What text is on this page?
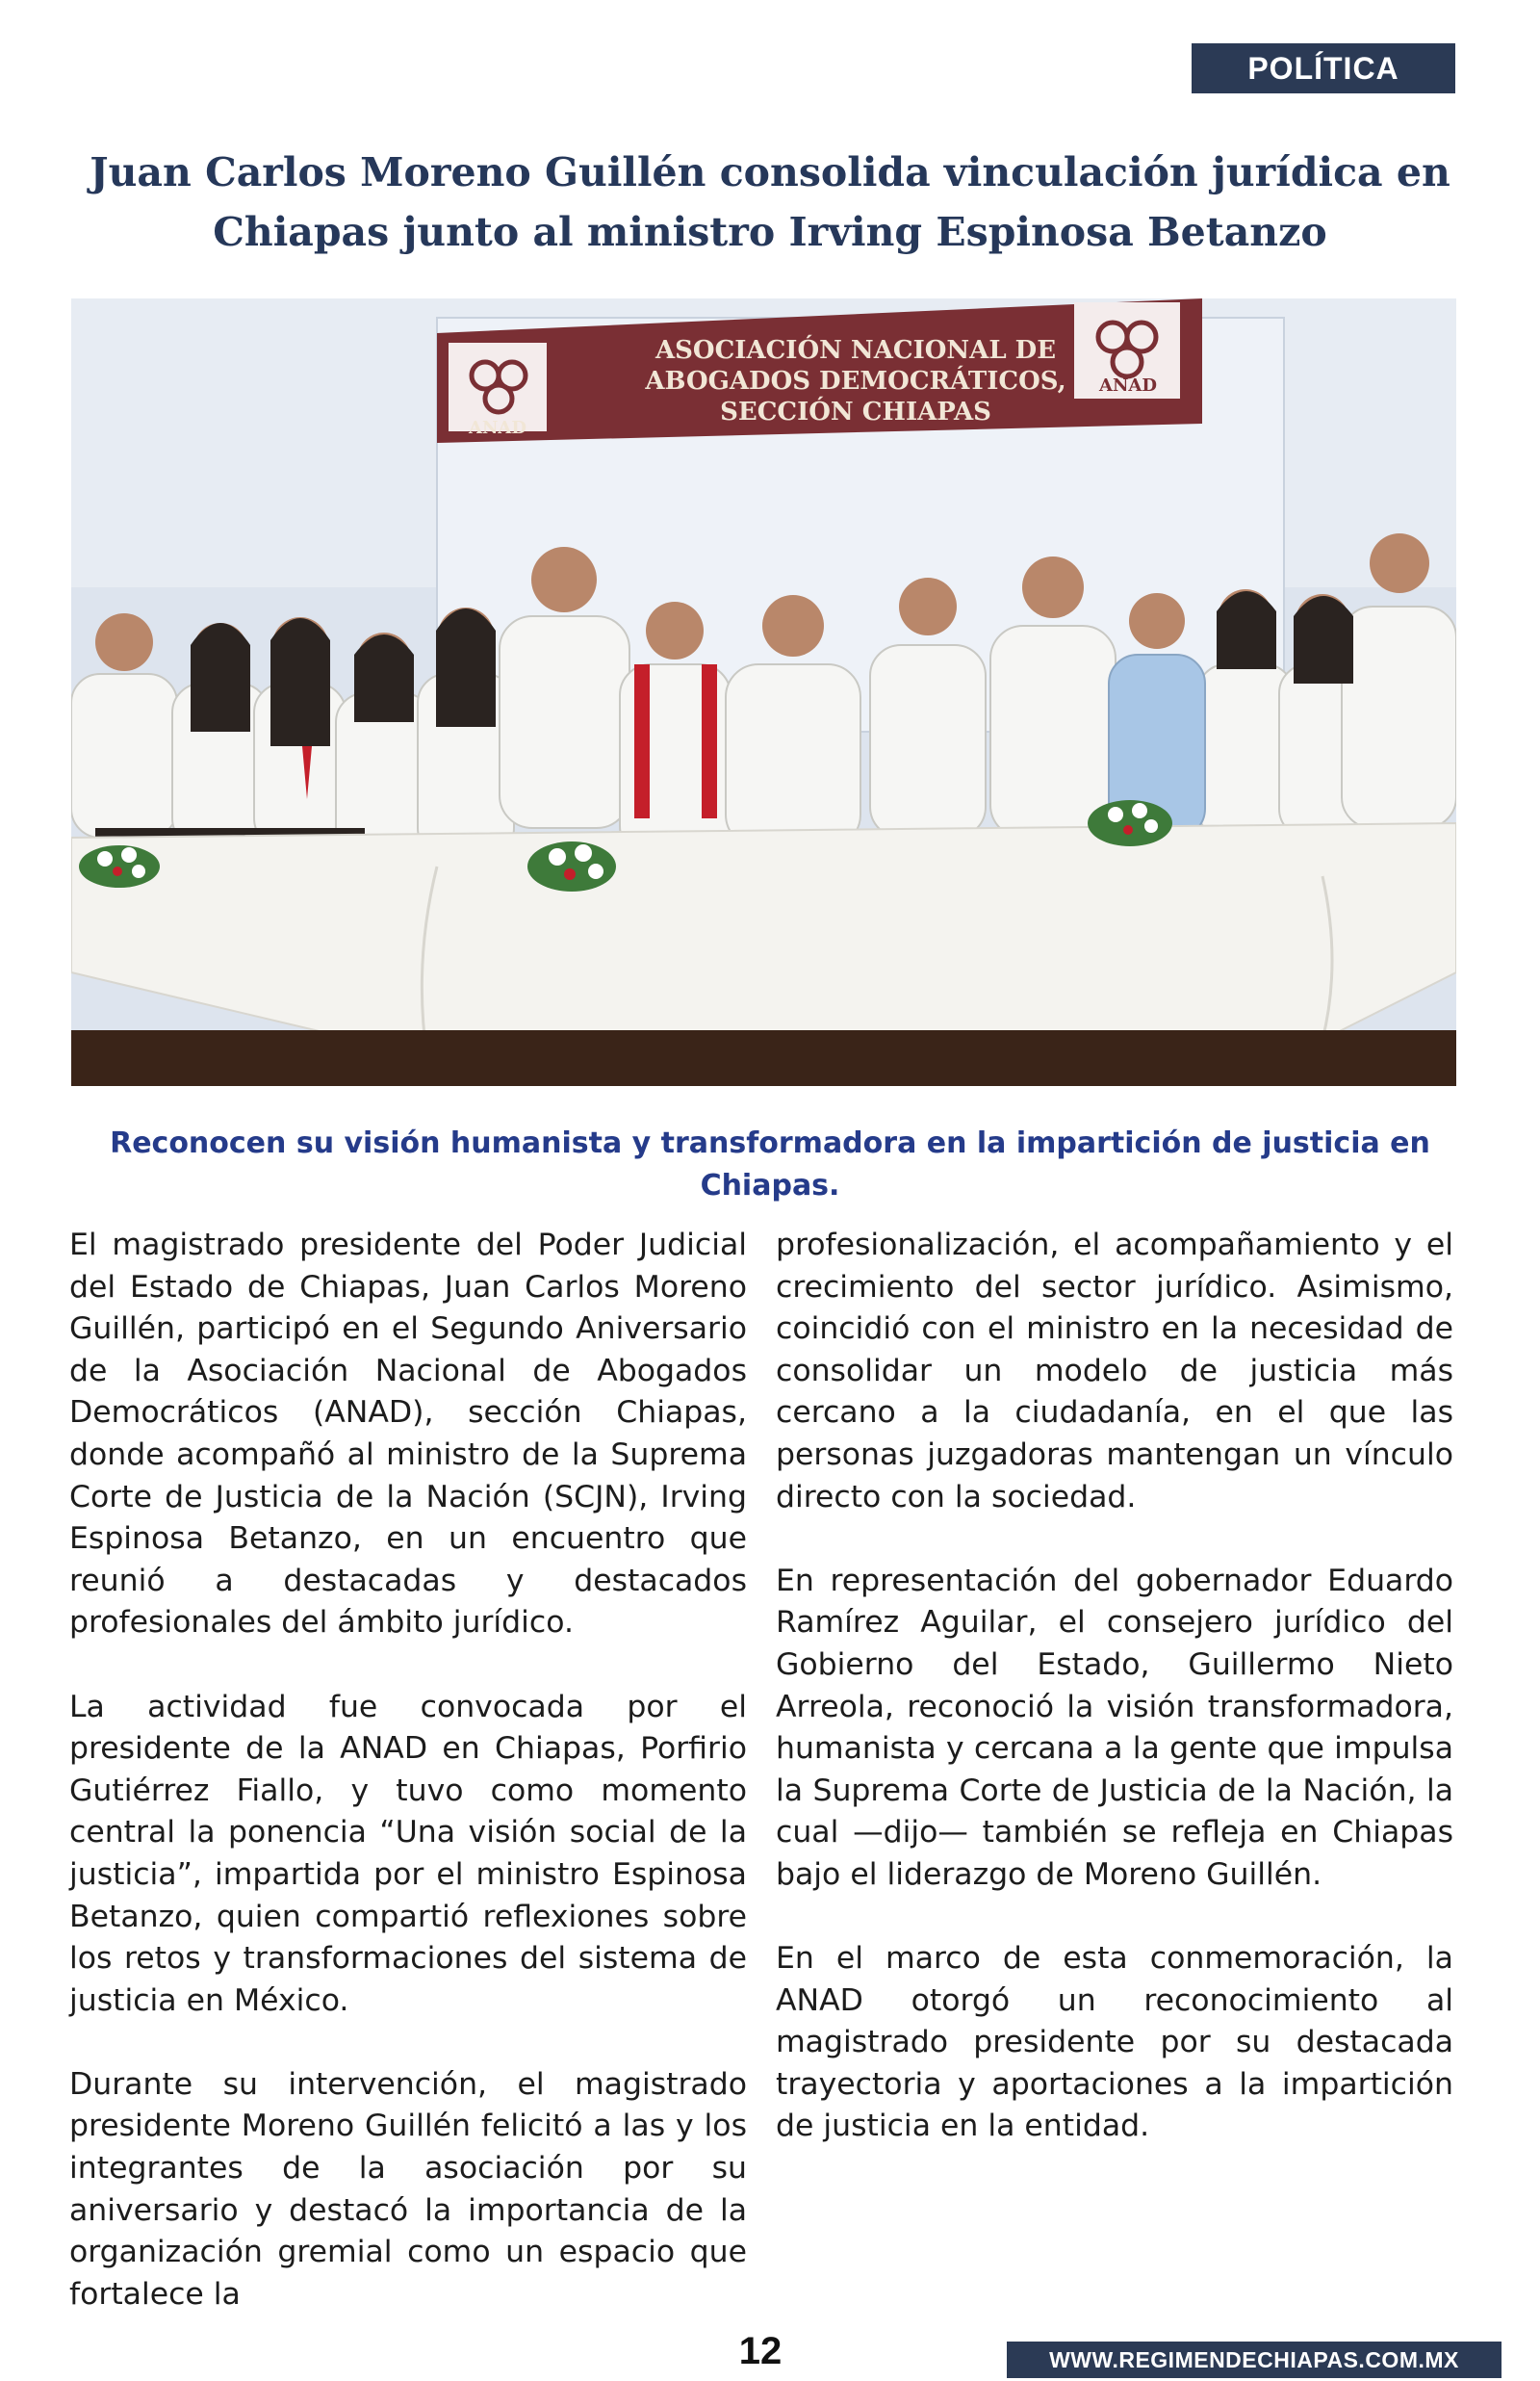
POLÍTICA
Juan Carlos Moreno Guillén consolida vinculación jurídica en Chiapas junto al ministro Irving Espinosa Betanzo
ASOCIACIÓN NACIONAL DE
ABOGADOS DEMOCRÁTICOS,
SECCIÓN CHIAPAS
ANAD
ANAD

Reconocen su visión humanista y transformadora en la impartición de justicia en Chiapas.

El magistrado presidente del Poder Judicial del Estado de Chiapas, Juan Carlos Moreno Guillén, participó en el Segundo Aniversario de la Asociación Nacional de Abogados Democráticos (ANAD), sección Chiapas, donde acompañó al ministro de la Suprema Corte de Justicia de la Nación (SCJN), Irving Espinosa Betanzo, en un encuentro que reunió a destacadas y destacados profesionales del ámbito jurídico.

La actividad fue convocada por el presidente de la ANAD en Chiapas, Porfirio Gutiérrez Fiallo, y tuvo como momento central la ponencia “Una visión social de la justicia”, impartida por el ministro Espinosa Betanzo, quien compartió reflexiones sobre los retos y transformaciones del sistema de justicia en México.

Durante su intervención, el magistrado presidente Moreno Guillén felicitó a las y los integrantes de la asociación por su aniversario y destacó la importancia de la organización gremial como un espacio que fortalece la

profesionalización, el acompañamiento y el crecimiento del sector jurídico. Asimismo, coincidió con el ministro en la necesidad de consolidar un modelo de justicia más cercano a la ciudadanía, en el que las personas juzgadoras mantengan un vínculo directo con la sociedad.

En representación del gobernador Eduardo Ramírez Aguilar, el consejero jurídico del Gobierno del Estado, Guillermo Nieto Arreola, reconoció la visión transformadora, humanista y cercana a la gente que impulsa la Suprema Corte de Justicia de la Nación, la cual —dijo— también se refleja en Chiapas bajo el liderazgo de Moreno Guillén.

En el marco de esta conmemoración, la ANAD otorgó un reconocimiento al magistrado presidente por su destacada trayectoria y aportaciones a la impartición de justicia en la entidad.

12	WWW.REGIMENDECHIAPAS.COM.MX
